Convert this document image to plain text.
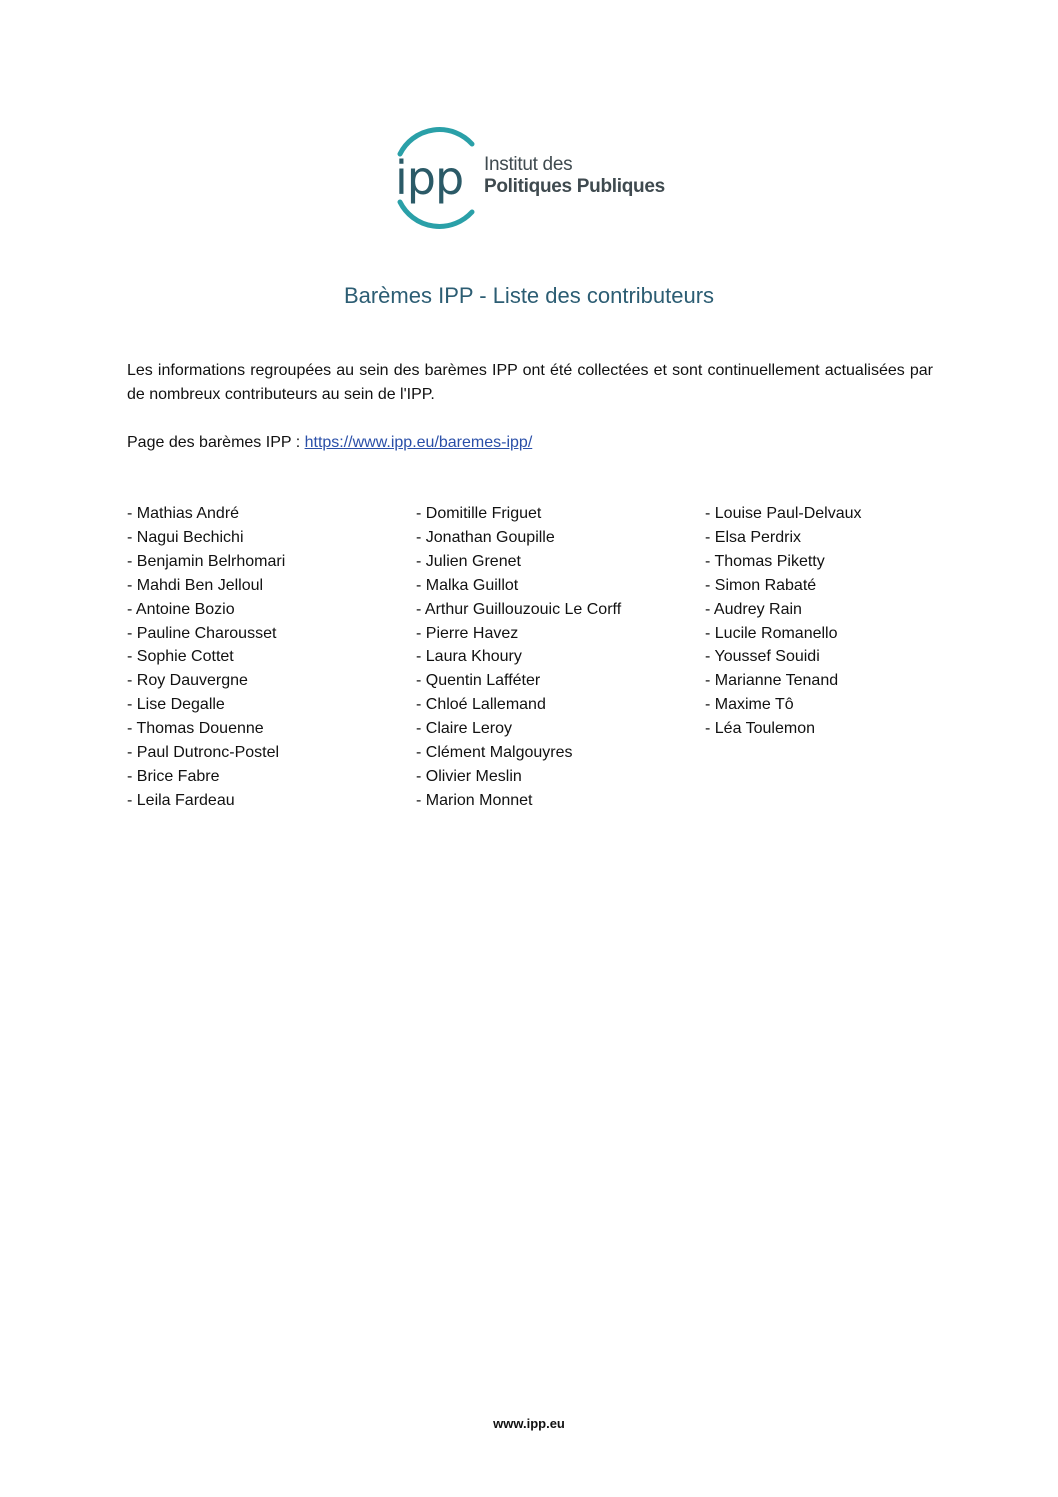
ipp Institut des
Politiques Publiques
Barèmes IPP - Liste des contributeurs

Les informations regroupées au sein des barèmes IPP ont été collectées et sont continuellement actualisées par de nombreux contributeurs au sein de l'IPP.

Page des barèmes IPP : https://www.ipp.eu/baremes-ipp/
- Mathias André
- Nagui Bechichi
- Benjamin Belrhomari
- Mahdi Ben Jelloul
- Antoine Bozio
- Pauline Charousset
- Sophie Cottet
- Roy Dauvergne
- Lise Degalle
- Thomas Douenne
- Paul Dutronc-Postel
- Brice Fabre
- Leila Fardeau
- Domitille Friguet
- Jonathan Goupille
- Julien Grenet
- Malka Guillot
- Arthur Guillouzouic Le Corff
- Pierre Havez
- Laura Khoury
- Quentin Lafféter
- Chloé Lallemand
- Claire Leroy
- Clément Malgouyres
- Olivier Meslin
- Marion Monnet
- Louise Paul-Delvaux
- Elsa Perdrix
- Thomas Piketty
- Simon Rabaté
- Audrey Rain
- Lucile Romanello
- Youssef Souidi
- Marianne Tenand
- Maxime Tô
- Léa Toulemon
www.ipp.eu
